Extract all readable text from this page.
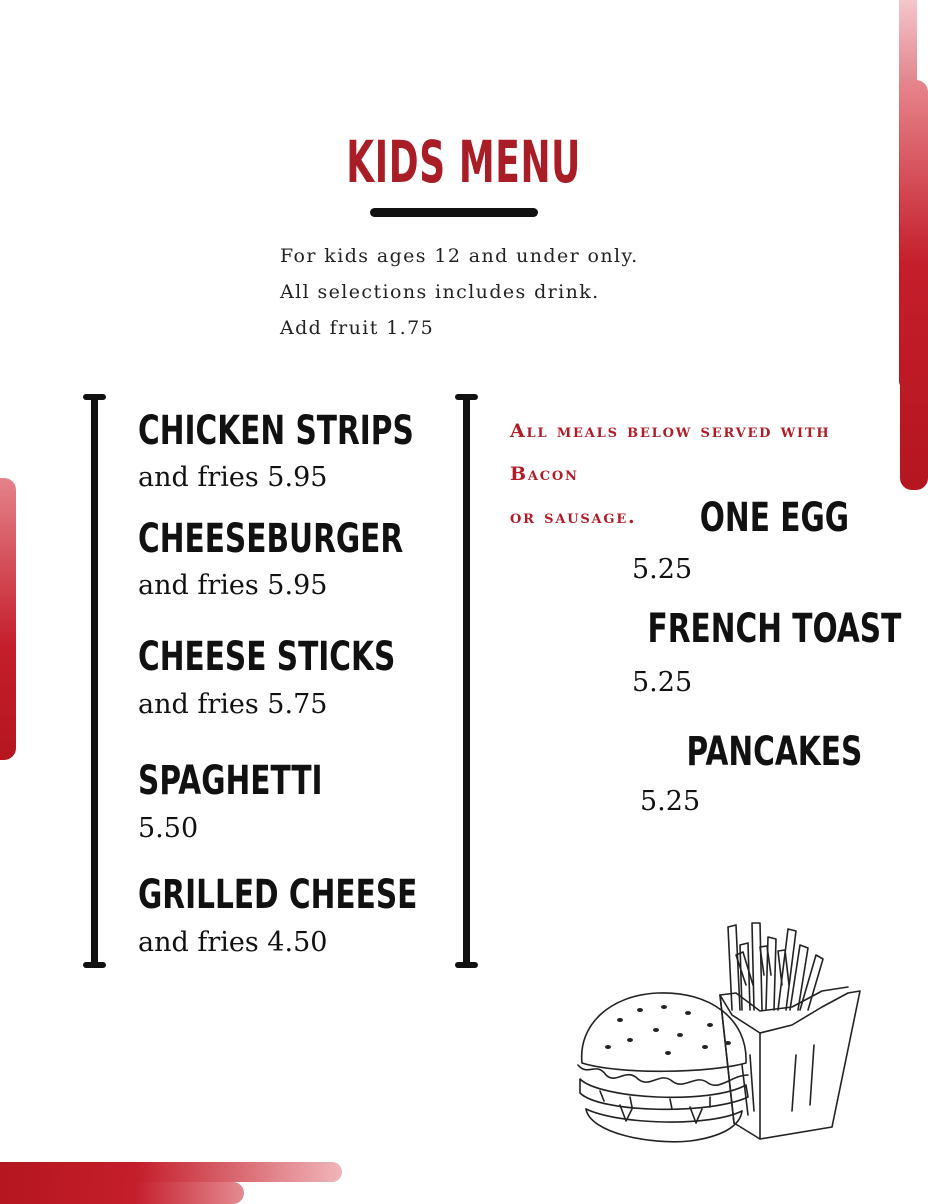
KIDS MENU
For kids ages 12 and under only.
All selections includes drink.
Add fruit 1.75
CHICKEN STRIPS
and fries 5.95
CHEESEBURGER
and fries 5.95
CHEESE STICKS
and fries 5.75
SPAGHETTI
5.50
GRILLED CHEESE
and fries 4.50
All meals below served with Bacon
or sausage.	ONE EGG
5.25
FRENCH TOAST
5.25
PANCAKES
5.25
